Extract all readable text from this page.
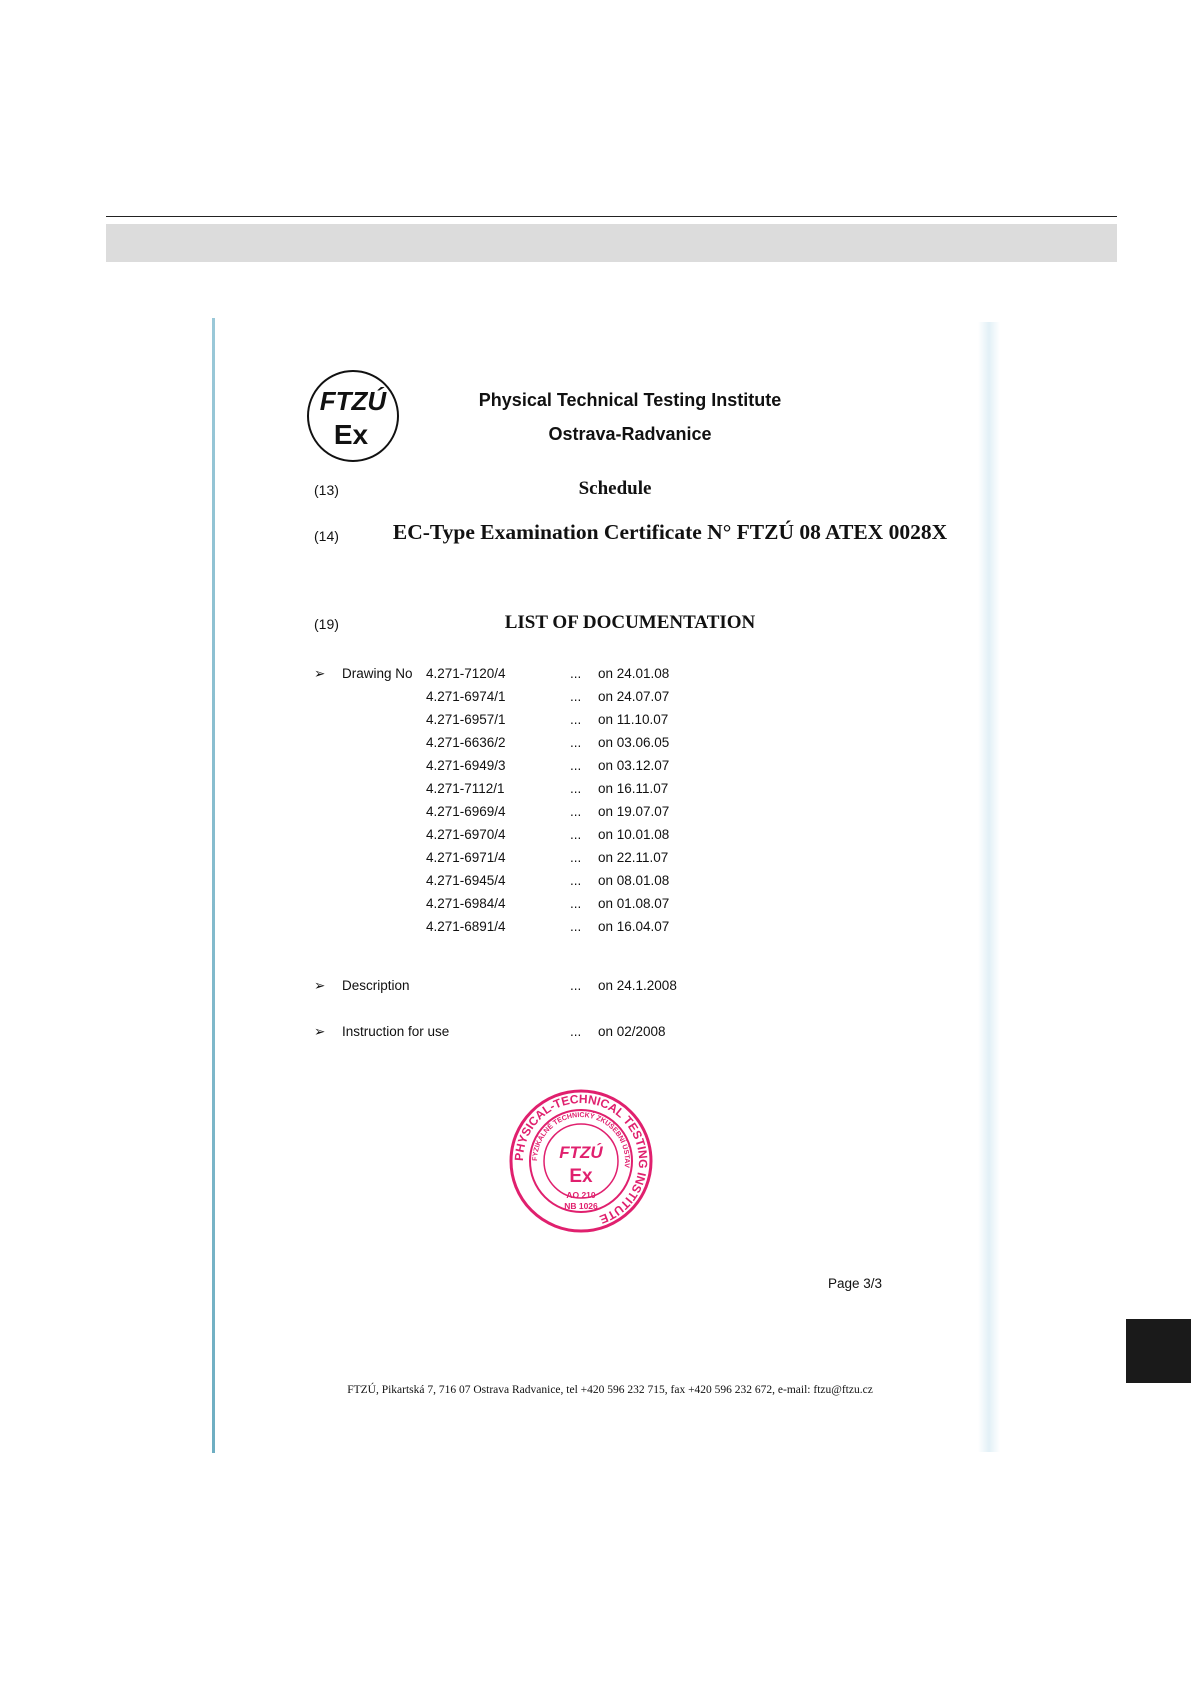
FTZÚ
Ex
Physical Technical Testing Institute
Ostrava-Radvanice
(13)	Schedule
(14)	EC-Type Examination Certificate N° FTZÚ 08 ATEX 0028X
(19)	LIST OF DOCUMENTATION
➢ Drawing No 4.271-7120/4	... on 24.01.08
4.271-6974/1	... on 24.07.07
4.271-6957/1	... on 11.10.07
4.271-6636/2	... on 03.06.05
4.271-6949/3	... on 03.12.07
4.271-7112/1	... on 16.11.07
4.271-6969/4	... on 19.07.07
4.271-6970/4	... on 10.01.08
4.271-6971/4	... on 22.11.07
4.271-6945/4	... on 08.01.08
4.271-6984/4	... on 01.08.07
4.271-6891/4	... on 16.04.07
➢ Description	... on 24.1.2008
➢ Instruction for use	... on 02/2008
PHYSICAL-TECHNICAL TESTING INSTITUTE
FYZIKÁLNĚ TECHNICKÝ ZKUŠEBNÍ ÚSTAV
FTZÚ
Ex
AO 210
NB 1026
Page 3/3
FTZÚ, Pikartská 7, 716 07 Ostrava Radvanice, tel +420 596 232 715, fax +420 596 232 672, e-mail: ftzu@ftzu.cz
